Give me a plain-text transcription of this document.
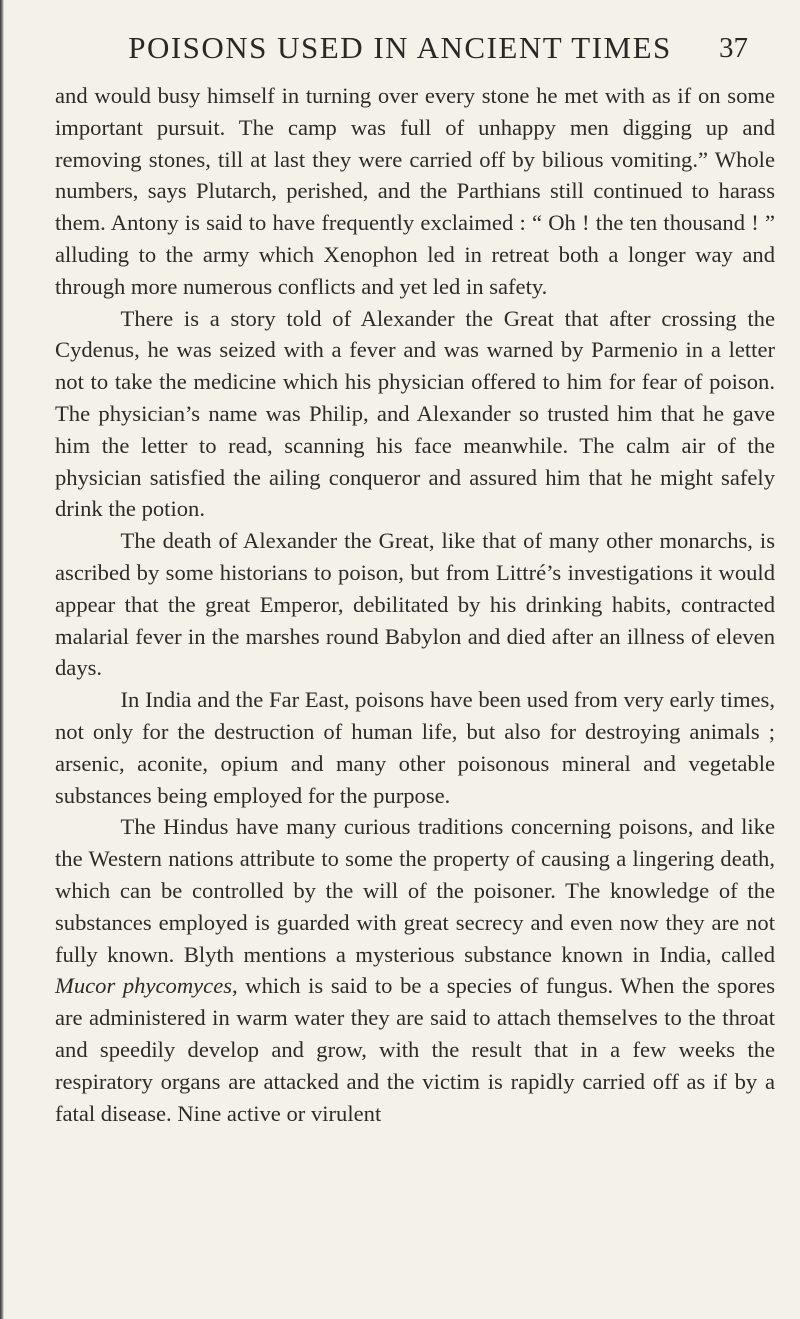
POISONS USED IN ANCIENT TIMES	37

and would busy himself in turning over every stone he met with as if on some important pursuit. The camp was full of unhappy men digging up and removing stones, till at last they were carried off by bilious vomiting.” Whole numbers, says Plutarch, perished, and the Parthians still continued to harass them. Antony is said to have frequently exclaimed : “ Oh ! the ten thousand ! ” alluding to the army which Xenophon led in retreat both a longer way and through more numerous conflicts and yet led in safety.

There is a story told of Alexander the Great that after crossing the Cydenus, he was seized with a fever and was warned by Parmenio in a letter not to take the medicine which his physician offered to him for fear of poison. The physician’s name was Philip, and Alexander so trusted him that he gave him the letter to read, scanning his face meanwhile. The calm air of the physician satisfied the ailing conqueror and assured him that he might safely drink the potion.

The death of Alexander the Great, like that of many other monarchs, is ascribed by some historians to poison, but from Littré’s investigations it would appear that the great Emperor, debilitated by his drinking habits, contracted malarial fever in the marshes round Babylon and died after an illness of eleven days.

In India and the Far East, poisons have been used from very early times, not only for the destruction of human life, but also for destroying animals ; arsenic, aconite, opium and many other poisonous mineral and vegetable substances being employed for the purpose.

The Hindus have many curious traditions concerning poisons, and like the Western nations attribute to some the property of causing a lingering death, which can be controlled by the will of the poisoner. The knowledge of the substances employed is guarded with great secrecy and even now they are not fully known. Blyth mentions a mysterious substance known in India, called Mucor phycomyces, which is said to be a species of fungus. When the spores are administered in warm water they are said to attach themselves to the throat and speedily develop and grow, with the result that in a few weeks the respiratory organs are attacked and the victim is rapidly carried off as if by a fatal disease. Nine active or virulent
